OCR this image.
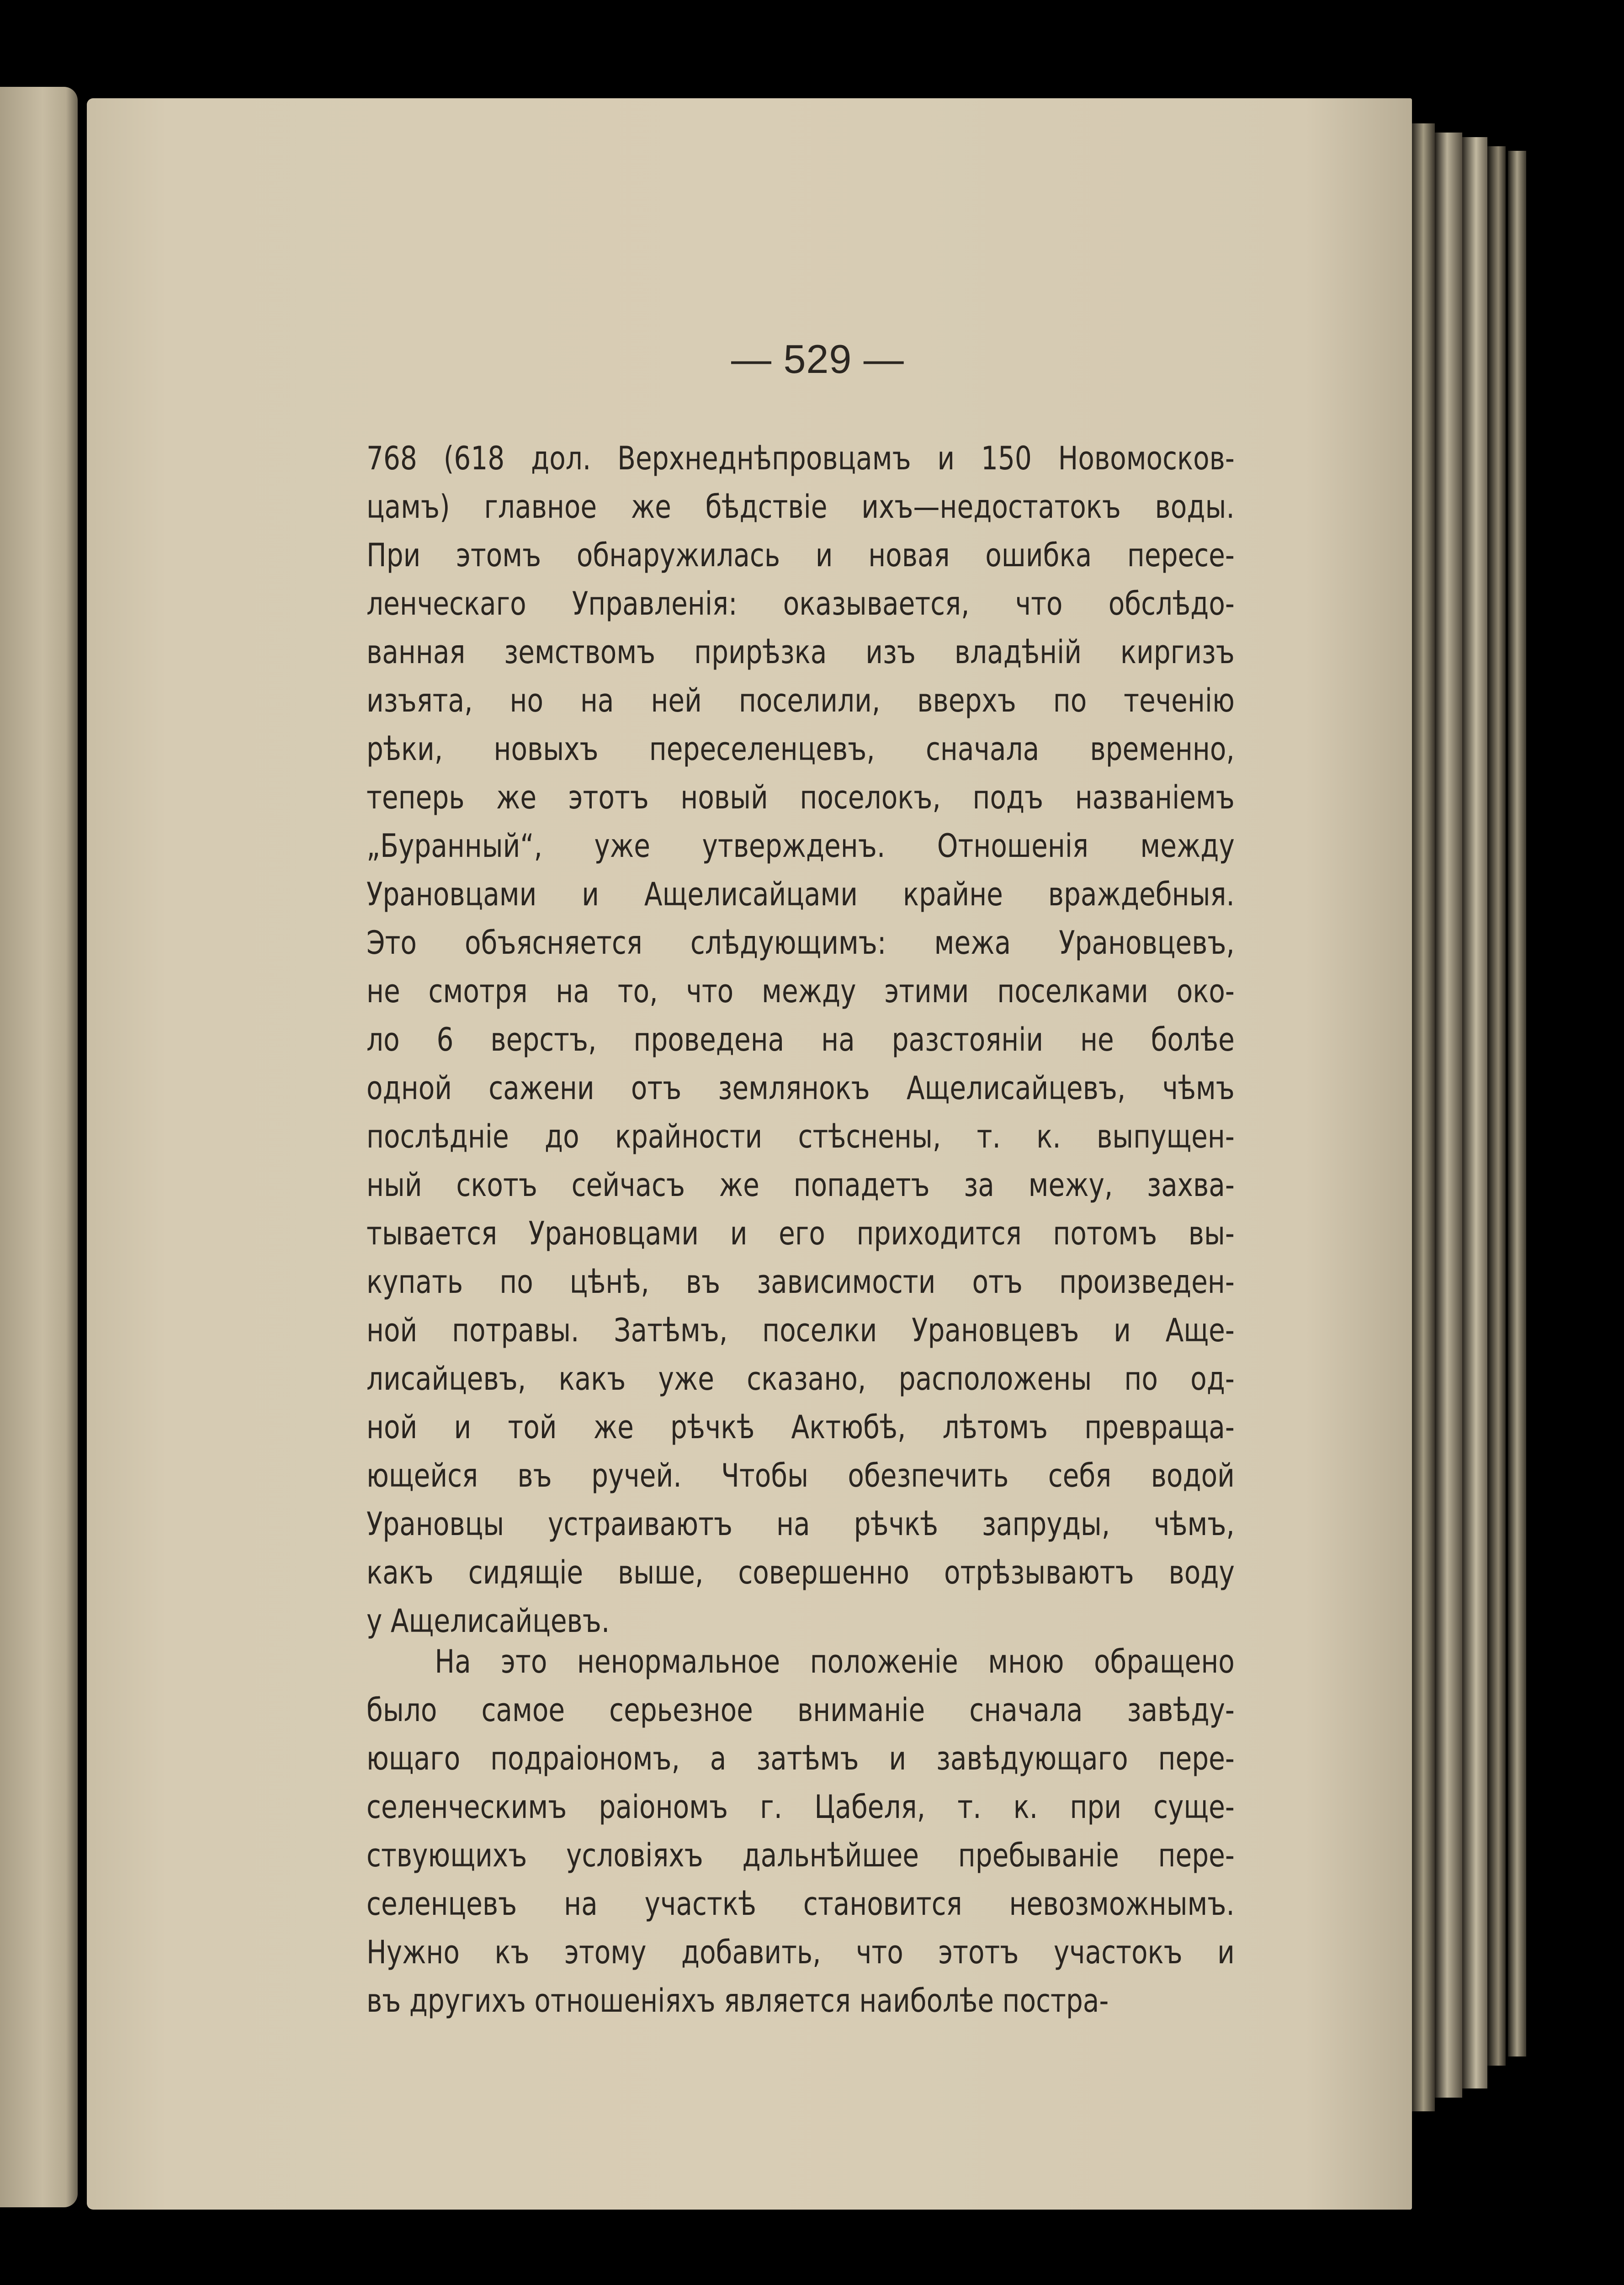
— 529 —
768 (618 дол. Верхнеднѣпровцамъ и 150 Новомосков-
цамъ) главное же бѣдствіе ихъ—недостатокъ воды.
При этомъ обнаружилась и новая ошибка пересе-
ленческаго Управленія: оказывается, что обслѣдо-
ванная земствомъ прирѣзка изъ владѣній киргизъ
изъята, но на ней поселили, вверхъ по теченію
рѣки, новыхъ переселенцевъ, сначала временно,
теперь же этотъ новый поселокъ, подъ названіемъ
„Буранный“, уже утвержденъ. Отношенія между
Урановцами и Ащелисайцами крайне враждебныя.
Это объясняется слѣдующимъ: межа Урановцевъ,
не смотря на то, что между этими поселками око-
ло 6 верстъ, проведена на разстояніи не болѣе
одной сажени отъ землянокъ Ащелисайцевъ, чѣмъ
послѣдніе до крайности стѣснены, т. к. выпущен-
ный скотъ сейчасъ же попадетъ за межу, захва-
тывается Урановцами и его приходится потомъ вы-
купать по цѣнѣ, въ зависимости отъ произведен-
ной потравы. Затѣмъ, поселки Урановцевъ и Аще-
лисайцевъ, какъ уже сказано, расположены по од-
ной и той же рѣчкѣ Актюбѣ, лѣтомъ превраща-
ющейся въ ручей. Чтобы обезпечить себя водой
Урановцы устраиваютъ на рѣчкѣ запруды, чѣмъ,
какъ сидящіе выше, совершенно отрѣзываютъ воду
у Ащелисайцевъ.
На это ненормальное положеніе мною обращено
было самое серьезное вниманіе сначала завѣду-
ющаго подраіономъ, а затѣмъ и завѣдующаго пере-
селенческимъ раіономъ г. Цабеля, т. к. при суще-
ствующихъ условіяхъ дальнѣйшее пребываніе пере-
селенцевъ на участкѣ становится невозможнымъ.
Нужно къ этому добавить, что этотъ участокъ и
въ другихъ отношеніяхъ является наиболѣе постра-
